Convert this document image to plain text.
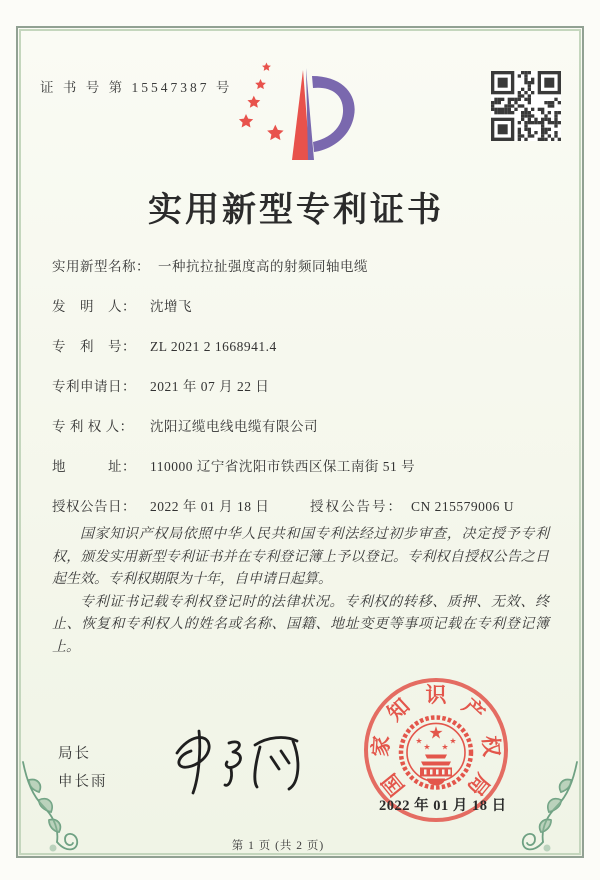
证 书 号 第 15547387 号
实用新型专利证书
实用新型名称： 一种抗拉扯强度高的射频同轴电缆
发　明　人： 沈增飞
专　利　号： ZL 2021 2 1668941.4
专利申请日： 2021 年 07 月 22 日
专 利 权 人： 沈阳辽缆电线电缆有限公司
地　　　址： 110000 辽宁省沈阳市铁西区保工南街 51 号
授权公告日： 2022 年 01 月 18 日	授权公告号： CN 215579006 U

国家知识产权局依照中华人民共和国专利法经过初步审查，决定授予专利权，颁发实用新型专利证书并在专利登记簿上予以登记。专利权自授权公告之日起生效。专利权期限为十年，自申请日起算。

专利证书记载专利权登记时的法律状况。专利权的转移、质押、无效、终止、恢复和专利权人的姓名或名称、国籍、地址变更等事项记载在专利登记簿上。

局长
申长雨	国
家
知 识 产
权
局
★
★
★ ★
★
2022 年 01 月 18 日
第 1 页 (共 2 页)
